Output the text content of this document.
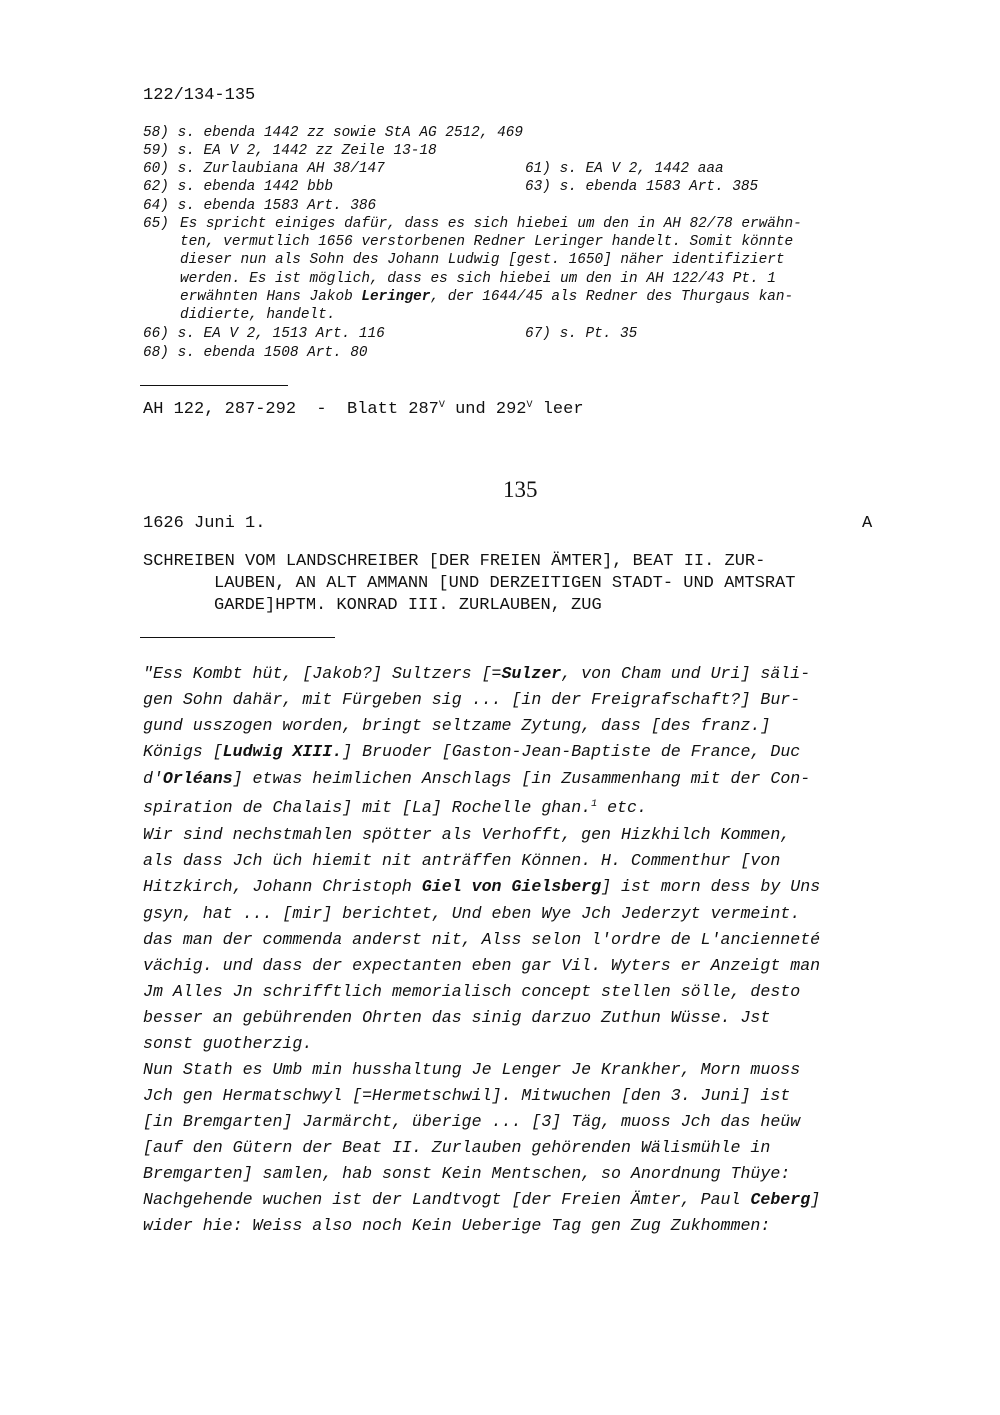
122/134-135
58) s. ebenda 1442 zz sowie StA AG 2512, 469
59) s. EA V 2, 1442 zz Zeile 13-18
60) s. Zurlaubiana AH 38/147	61) s. EA V 2, 1442 aaa
62) s. ebenda 1442 bbb	63) s. ebenda 1583 Art. 385
64) s. ebenda 1583 Art. 386
65) Es spricht einiges dafür, dass es sich hiebei um den in AH 82/78 erwähn-
ten, vermutlich 1656 verstorbenen Redner Leringer handelt. Somit könnte
dieser nun als Sohn des Johann Ludwig [gest. 1650] näher identifiziert
werden. Es ist möglich, dass es sich hiebei um den in AH 122/43 Pt. 1
erwähnten Hans Jakob Leringer, der 1644/45 als Redner des Thurgaus kan-
didierte, handelt.
66) s. EA V 2, 1513 Art. 116	67) s. Pt. 35
68) s. ebenda 1508 Art. 80
AH 122, 287-292  -  Blatt $287^V$ und $292^V$ leer
135
1626 Juni 1.	A
SCHREIBEN VOM LANDSCHREIBER [DER FREIEN ÄMTER], BEAT II. ZUR-
LAUBEN, AN ALT AMMANN [UND DERZEITIGEN STADT- UND AMTSRAT
GARDE]HPTM. KONRAD III. ZURLAUBEN, ZUG
"Ess Kombt hüt, [Jakob?] Sultzers [=Sulzer, von Cham und Uri] säli-
gen Sohn dahär, mit Fürgeben sig ... [in der Freigrafschaft?] Bur-
gund usszogen worden, bringt seltzame Zytung, dass [des franz.]
Königs [Ludwig XIII.] Bruoder [Gaston-Jean-Baptiste de France, Duc
d'Orléans] etwas heimlichen Anschlags [in Zusammenhang mit der Con-
spiration de Chalais] mit [La] Rochelle ghan.$^1$ etc.
Wir sind nechstmahlen spötter als Verhofft, gen Hizkhilch Kommen,
als dass Jch üch hiemit nit anträffen Können. H. Commenthur [von
Hitzkirch, Johann Christoph Giel von Gielsberg] ist morn dess by Uns
gsyn, hat ... [mir] berichtet, Und eben Wye Jch Jederzyt vermeint.
das man der commenda anderst nit, Alss selon l'ordre de L'ancienneté
vächig. und dass der expectanten eben gar Vil. Wyters er Anzeigt man
Jm Alles Jn schrifftlich memorialisch concept stellen sölle, desto
besser an gebührenden Ohrten das sinig darzuo Zuthun Wüsse. Jst
sonst guotherzig.
Nun Stath es Umb min husshaltung Je Lenger Je Krankher, Morn muoss
Jch gen Hermatschwyl [=Hermetschwil]. Mitwuchen [den 3. Juni] ist
[in Bremgarten] Jarmärcht, überige ... [3] Täg, muoss Jch das heüw
[auf den Gütern der Beat II. Zurlauben gehörenden Wälismühle in
Bremgarten] samlen, hab sonst Kein Mentschen, so Anordnung Thüye:
Nachgehende wuchen ist der Landtvogt [der Freien Ämter, Paul Ceberg]
wider hie: Weiss also noch Kein Ueberige Tag gen Zug Zukhommen:
